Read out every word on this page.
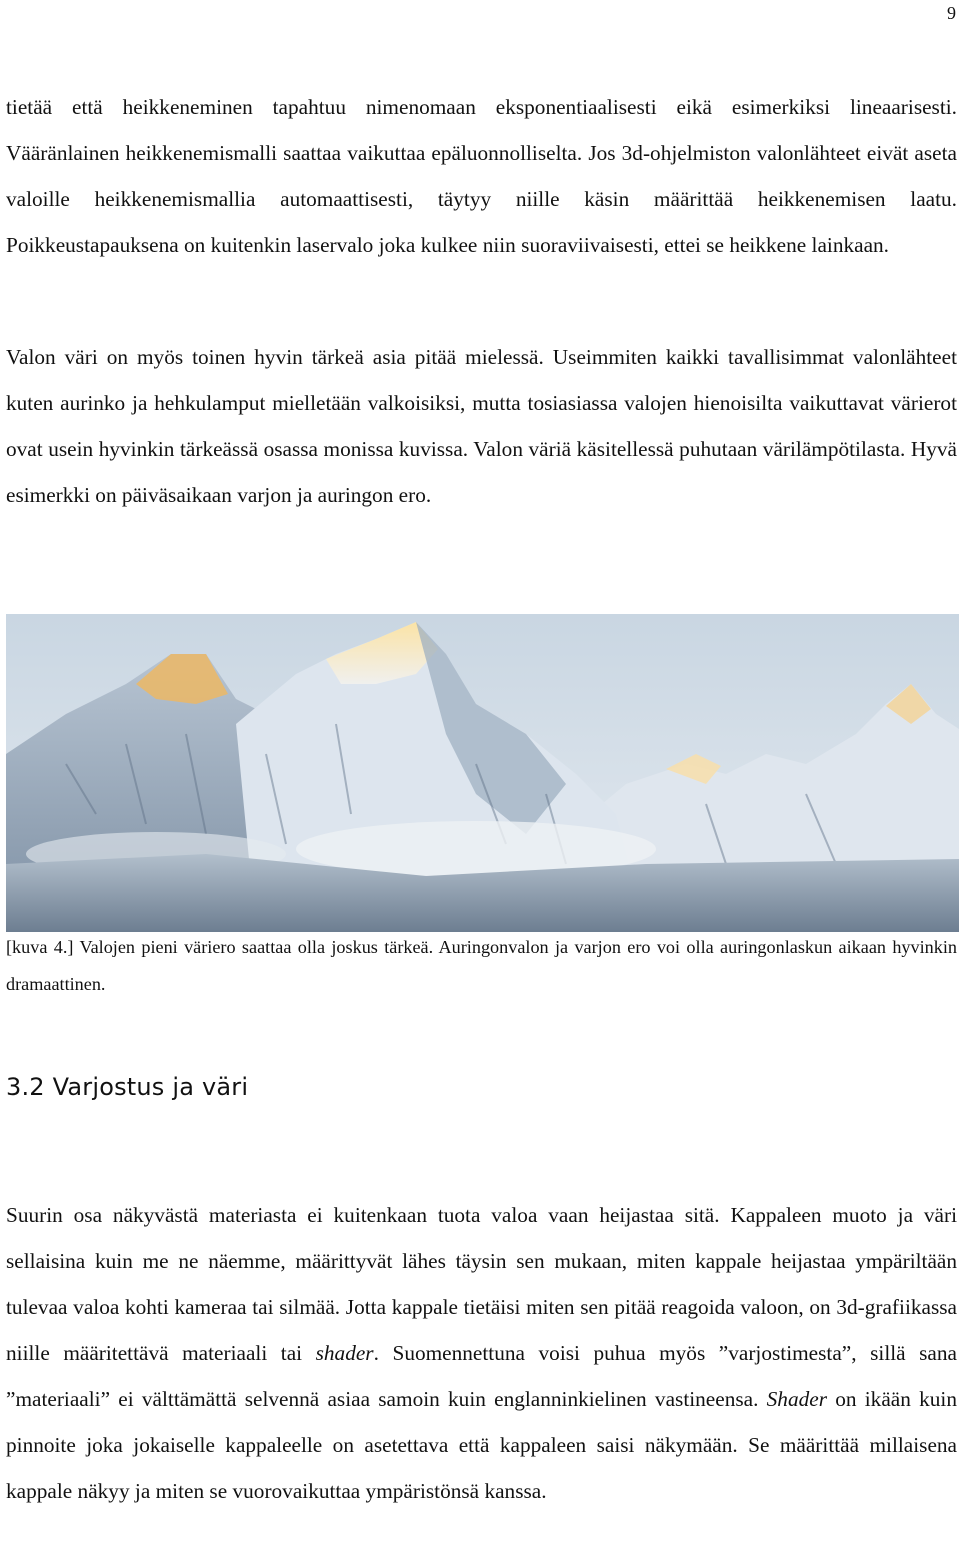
9

tietää että heikkeneminen tapahtuu nimenomaan eksponentiaalisesti eikä esimerkiksi lineaarisesti. Vääränlainen heikkenemismalli saattaa vaikuttaa epäluonnolliselta. Jos 3d-ohjelmiston valonlähteet eivät aseta valoille heikkenemismallia automaattisesti, täytyy niille käsin määrittää heikkenemisen laatu. Poikkeustapauksena on kuitenkin laservalo joka kulkee niin suoraviivaisesti, ettei se heikkene lainkaan.

Valon väri on myös toinen hyvin tärkeä asia pitää mielessä. Useimmiten kaikki tavallisimmat valonlähteet kuten aurinko ja hehkulamput mielletään valkoisiksi, mutta tosiasiassa valojen hienoisilta vaikuttavat värierot ovat usein hyvinkin tärkeässä osassa monissa kuvissa. Valon väriä käsitellessä puhutaan värilämpötilasta. Hyvä esimerkki on päiväsaikaan varjon ja auringon ero.

[kuva 4.] Valojen pieni väriero saattaa olla joskus tärkeä. Auringonvalon ja varjon ero voi olla auringonlaskun aikaan hyvinkin dramaattinen.

3.2 Varjostus ja väri

Suurin osa näkyvästä materiasta ei kuitenkaan tuota valoa vaan heijastaa sitä. Kappaleen muoto ja väri sellaisina kuin me ne näemme, määrittyvät lähes täysin sen mukaan, miten kappale heijastaa ympäriltään tulevaa valoa kohti kameraa tai silmää. Jotta kappale tietäisi miten sen pitää reagoida valoon, on 3d-grafiikassa niille määritettävä materiaali tai shader. Suomennettuna voisi puhua myös ”varjostimesta”, sillä sana ”materiaali” ei välttämättä selvennä asiaa samoin kuin englanninkielinen vastineensa. Shader on ikään kuin pinnoite joka jokaiselle kappaleelle on asetettava että kappaleen saisi näkymään. Se määrittää millaisena kappale näkyy ja miten se vuorovaikuttaa ympäristönsä kanssa.
